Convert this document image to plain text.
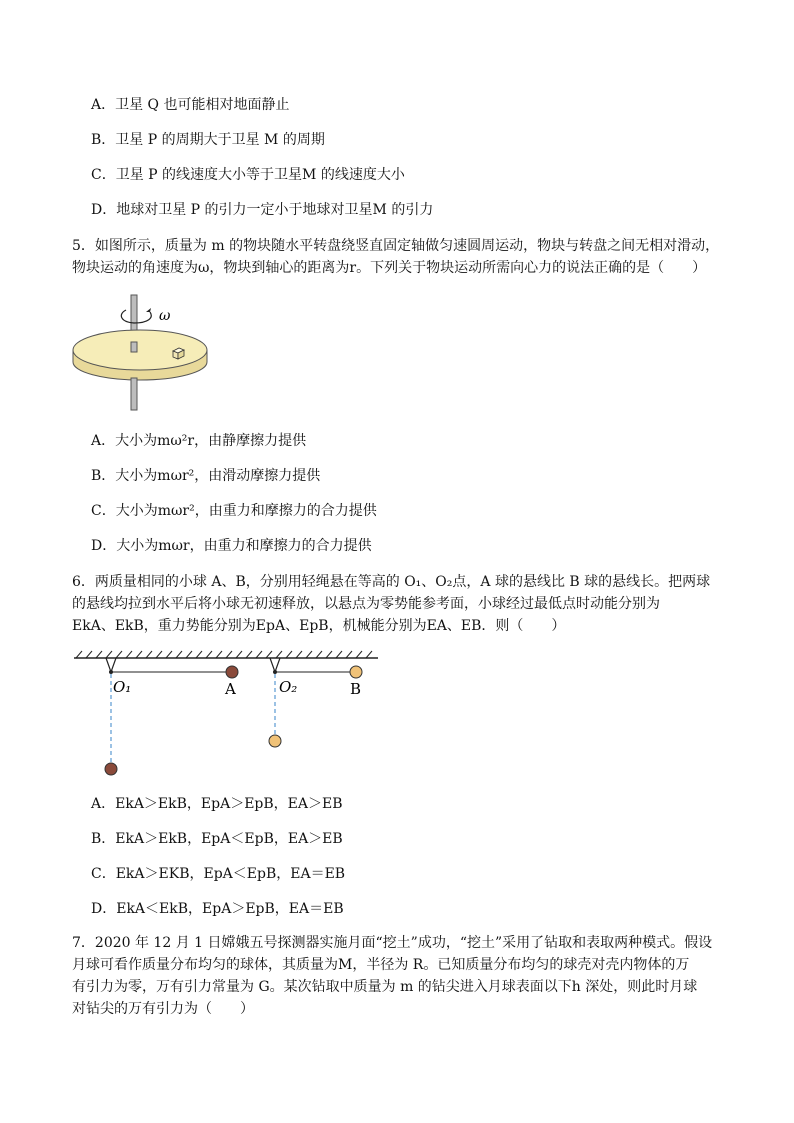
A．卫星 Q 也可能相对地面静止
B．卫星 P 的周期大于卫星 M 的周期
C．卫星 P 的线速度大小等于卫星M 的线速度大小
D．地球对卫星 P 的引力一定小于地球对卫星M 的引力
5．如图所示，质量为 m 的物块随水平转盘绕竖直固定轴做匀速圆周运动，物块与转盘之间无相对滑动，
物块运动的角速度为ω，物块到轴心的距离为r。下列关于物块运动所需向心力的说法正确的是（　　）
ω
A．大小为mω²r，由静摩擦力提供
B．大小为mωr²，由滑动摩擦力提供
C．大小为mωr²，由重力和摩擦力的合力提供
D．大小为mωr，由重力和摩擦力的合力提供
6．两质量相同的小球 A、B，分别用轻绳悬在等高的 O₁、O₂点，A 球的悬线比 B 球的悬线长。把两球
的悬线均拉到水平后将小球无初速释放，以悬点为零势能参考面，小球经过最低点时动能分别为
EkA、EkB，重力势能分别为EpA、EpB，机械能分别为EA、EB．则（　　）
O₁	A	O₂	B
A．EkA＞EkB，EpA＞EpB，EA＞EB
B．EkA＞EkB，EpA＜EpB，EA＞EB
C．EkA＞EKB，EpA＜EpB，EA＝EB
D．EkA＜EkB，EpA＞EpB，EA＝EB
7．2020 年 12 月 1 日嫦娥五号探测器实施月面“挖土”成功，“挖土”采用了钻取和表取两种模式。假设
月球可看作质量分布均匀的球体，其质量为M，半径为 R。已知质量分布均匀的球壳对壳内物体的万
有引力为零，万有引力常量为 G。某次钻取中质量为 m 的钻尖进入月球表面以下h 深处，则此时月球
对钻尖的万有引力为（　　）
